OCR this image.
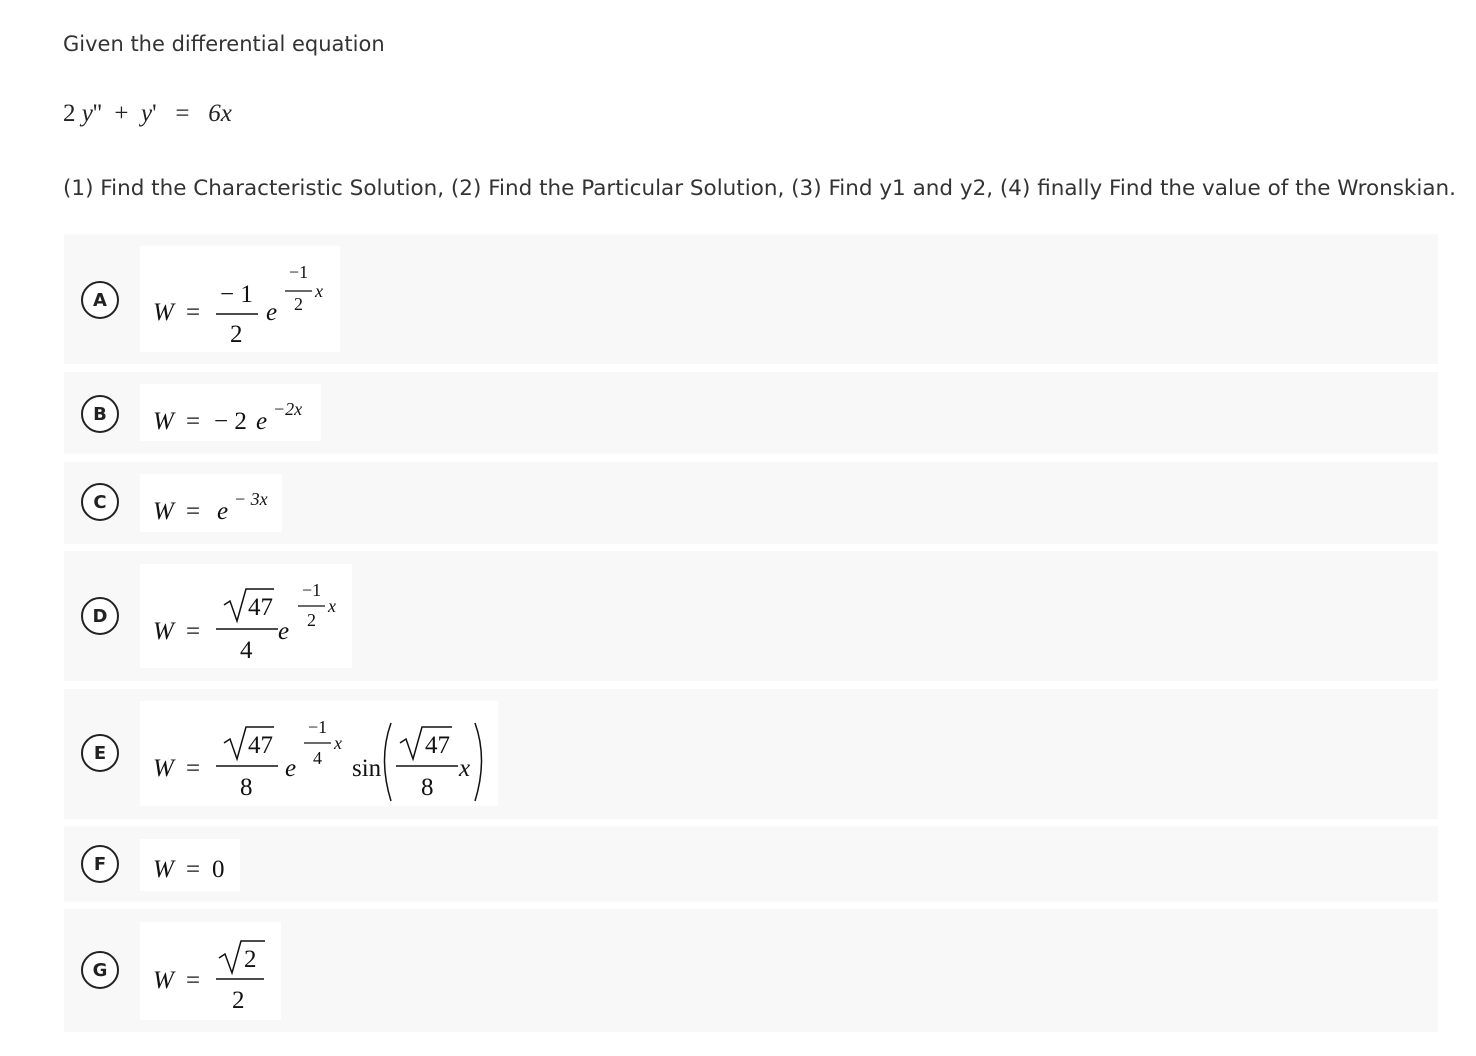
Given the differential equation
2 y'' + y' = 6x
(1) Find the Characteristic Solution, (2) Find the Particular Solution, (3) Find y1 and y2, (4) finally Find the value of the Wronskian.
A	W =
− 1
2
e
−1
2
x
B	W = − 2 e −2x
C	W = e − 3x
D
W =
47
4
e
−1
2
x
E
W =
47
8
e
−1
4
x
sin
47
8
x
F	W = 0
G	W =
2
2
